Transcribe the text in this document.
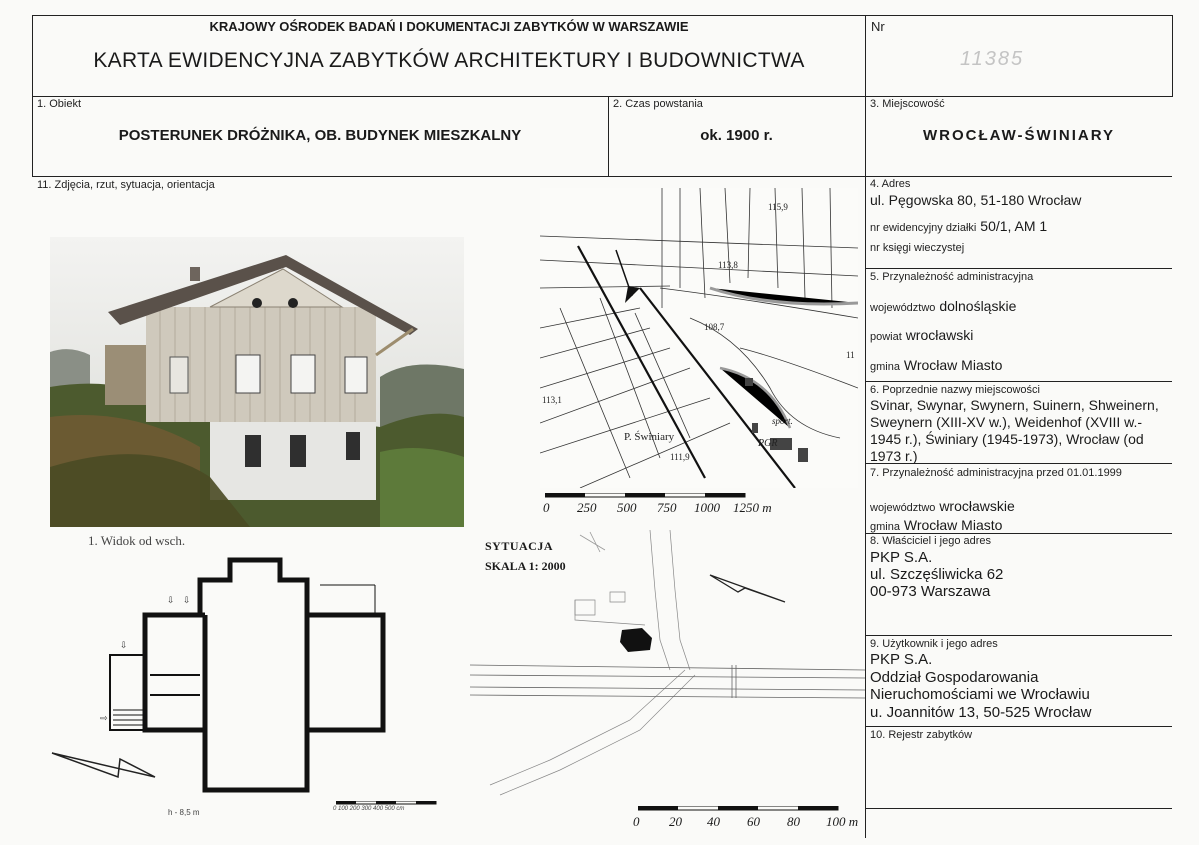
KRAJOWY OŚRODEK BADAŃ I DOKUMENTACJI ZABYTKÓW W WARSZAWIE
KARTA EWIDENCYJNA ZABYTKÓW ARCHITEKTURY I BUDOWNICTWA
Nr
11385
1. Obiekt
POSTERUNEK DRÓŻNIKA, OB. BUDYNEK MIESZKALNY
2. Czas powstania
ok. 1900 r.
3. Miejscowość
WROCŁAW-ŚWINIARY
11. Zdjęcia, rzut, sytuacja, orientacja	4. Adres
ul. Pęgowska 80, 51-180 Wrocław
nr ewidencyjny działki 50/1, AM 1
nr księgi wieczystej
5. Przynależność administracyjna
województwo dolnośląskie
powiat wrocławski
gmina Wrocław Miasto
6. Poprzednie nazwy miejscowości
Svinar, Swynar, Swynern, Suinern, Shweinern,
Sweynern (XIII-XV w.), Weidenhof (XVIII w.-
1945 r.), Świniary (1945-1973), Wrocław (od
1973 r.)
7. Przynależność administracyjna przed 01.01.1999
województwo wrocławskie
gmina Wrocław Miasto
8. Właściciel i jego adres
PKP S.A.
ul. Szczęśliwicka 62
00-973 Warszawa
9. Użytkownik i jego adres
PKP S.A.
Oddział Gospodarowania
Nieruchomościami we Wrocławiu
u. Joannitów 13, 50-525 Wrocław
10. Rejestr zabytków
1. Widok od wsch.
115,9
113,8
108,7
113,1
P. Świniary
PGR
sport.
11
111,9
0 250 500 750 1000 1250 m
⇩ ⇩
⇩
⇨
h - 8,5 m	0 100 200 300 400 500 cm
SYTUACJA
SKALA 1: 2000
0 20 40 60 80 100 m
